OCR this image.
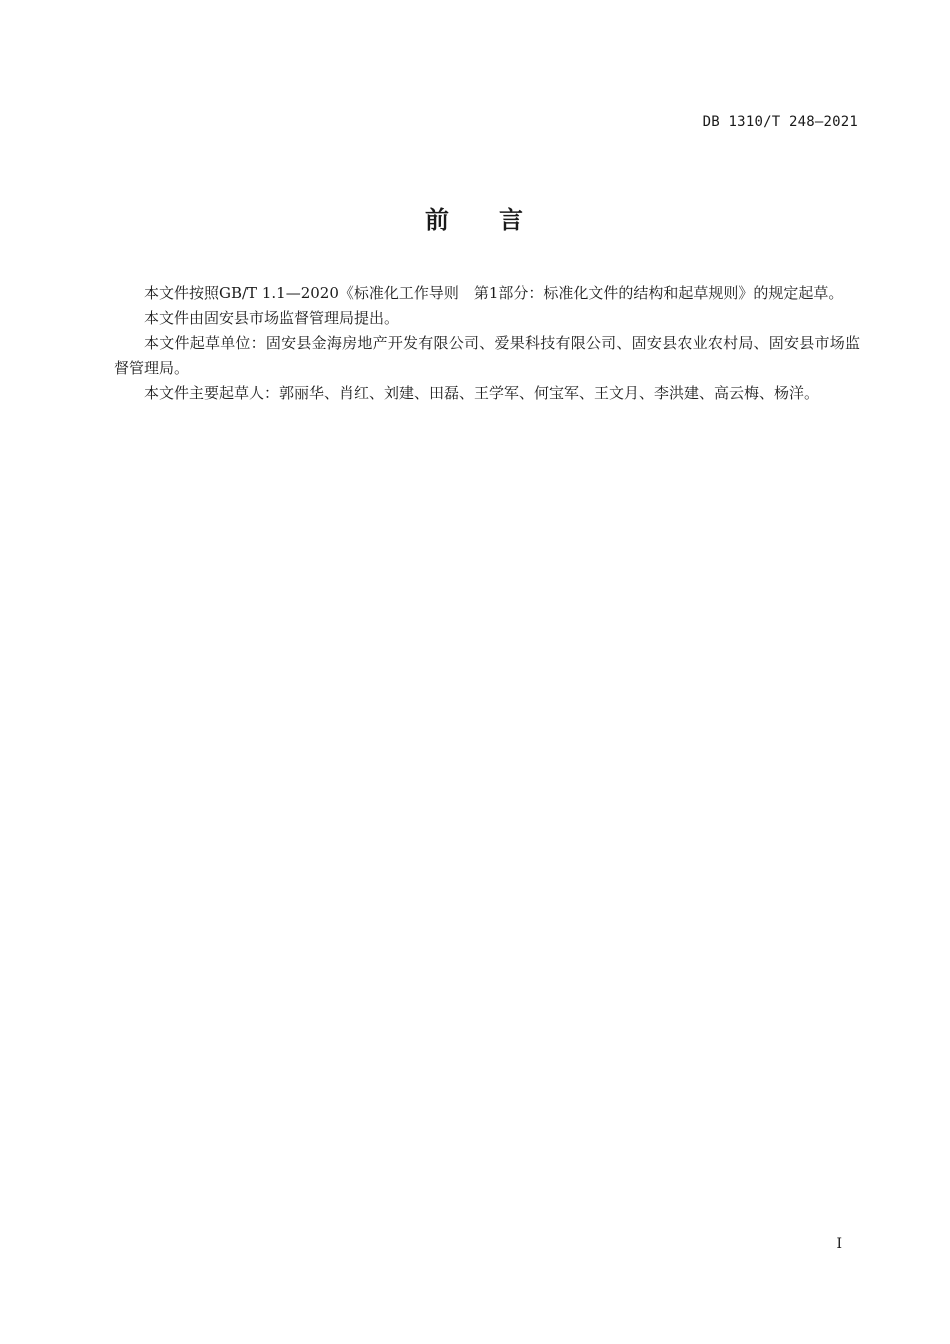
DB 1310/T 248—2021
前 言

本文件按照GB/T 1.1—2020《标准化工作导则　第1部分：标准化文件的结构和起草规则》的规定起草。

本文件由固安县市场监督管理局提出。

本文件起草单位：固安县金海房地产开发有限公司、爱果科技有限公司、固安县农业农村局、固安县市场监督管理局。

本文件主要起草人：郭丽华、肖红、刘建、田磊、王学军、何宝军、王文月、李洪建、高云梅、杨洋。

I
